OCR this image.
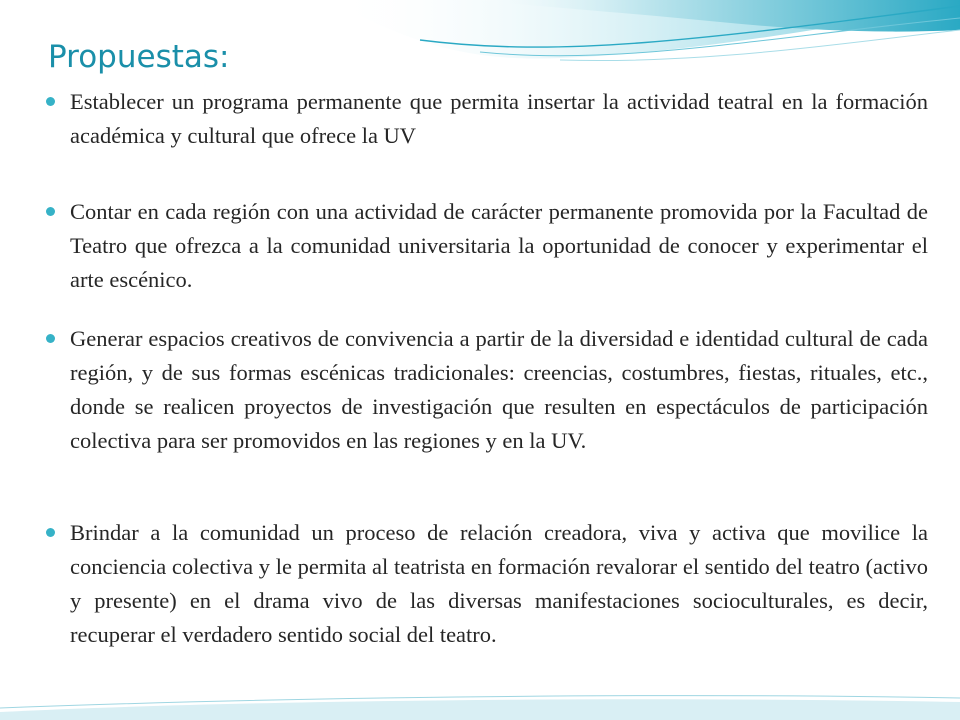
Propuestas:
Establecer un programa permanente que permita insertar la actividad teatral en la formación académica y cultural que ofrece la UV
Contar en cada región con una actividad de carácter permanente promovida por la Facultad de Teatro que ofrezca a la comunidad universitaria la oportunidad de conocer y experimentar el arte escénico.
Generar espacios creativos de convivencia a partir de la diversidad e identidad cultural de cada región, y de sus formas escénicas tradicionales: creencias, costumbres, fiestas, rituales, etc., donde se realicen proyectos de investigación que resulten en espectáculos de participación colectiva para ser promovidos en las regiones y en la UV.
Brindar a la comunidad un proceso de relación creadora, viva y activa que movilice la conciencia colectiva y le permita al teatrista en formación revalorar el sentido del teatro (activo y presente) en el drama vivo de las diversas manifestaciones socioculturales, es decir, recuperar el verdadero sentido social del teatro.
